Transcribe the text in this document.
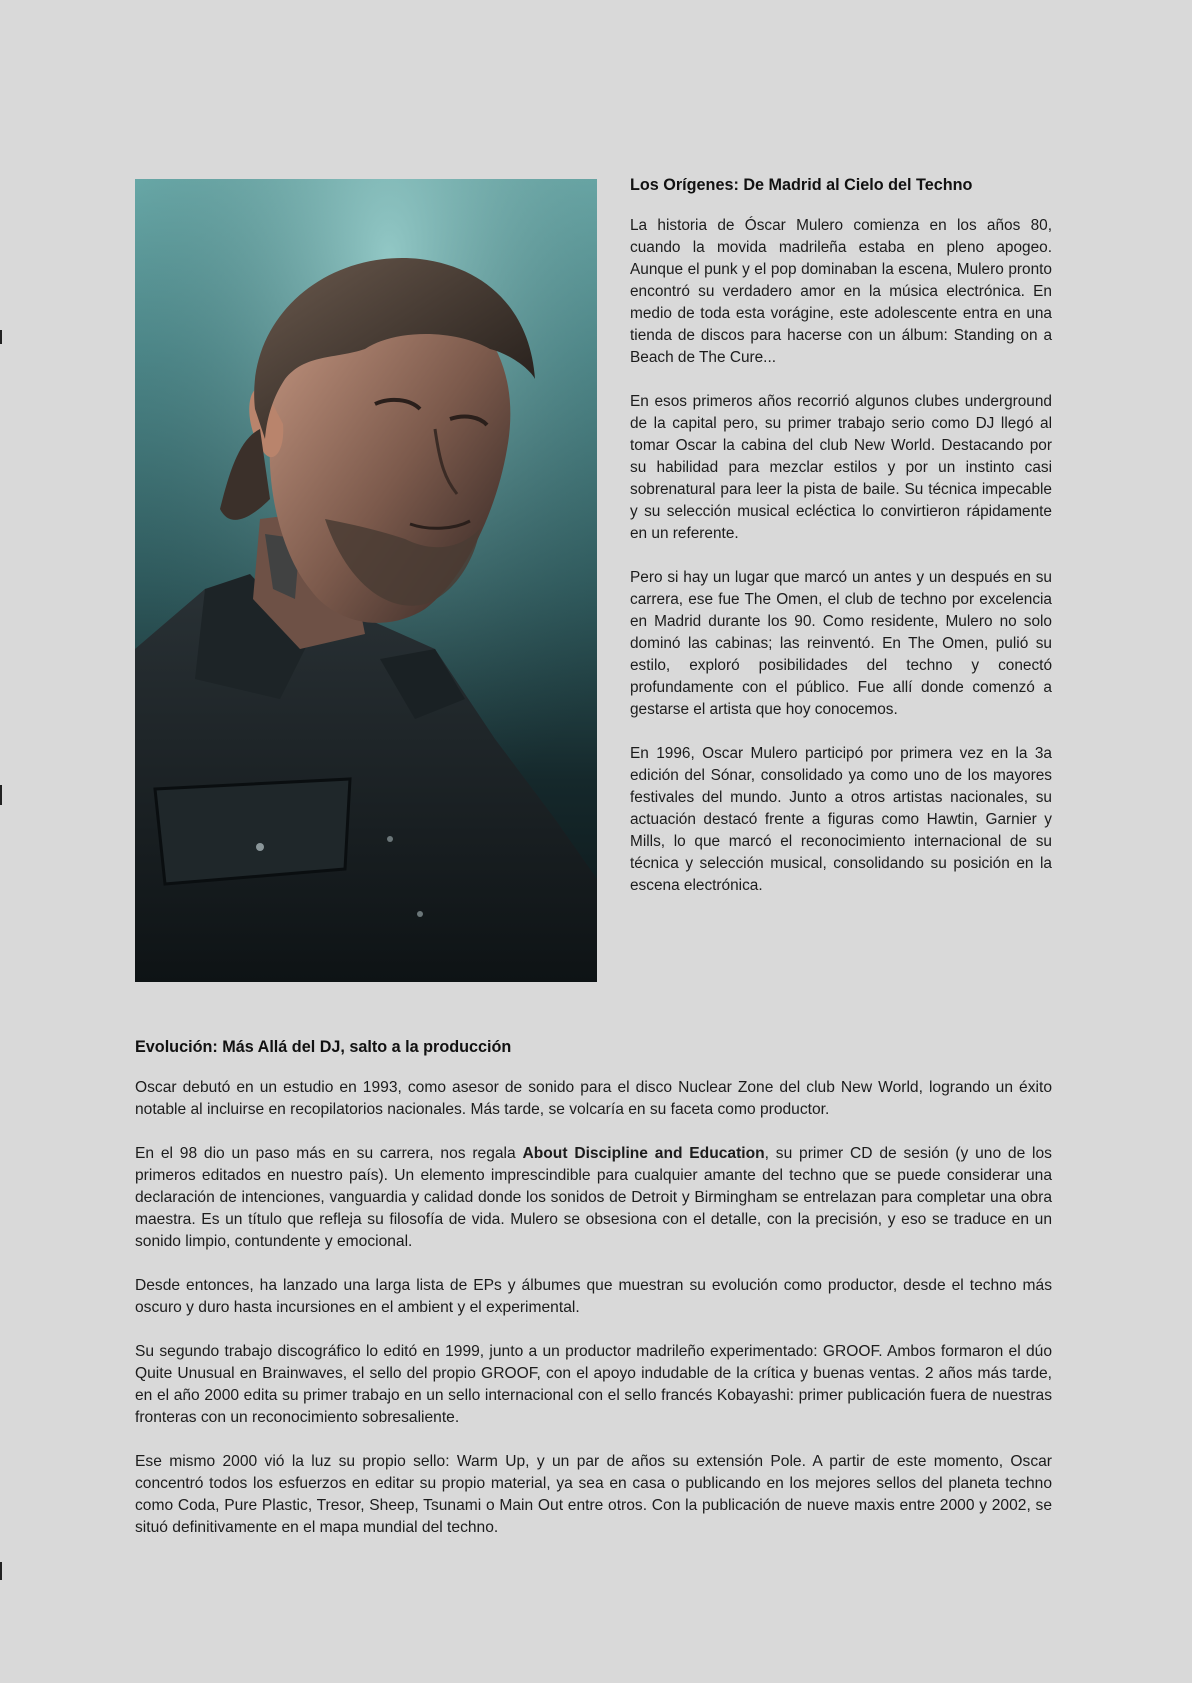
Los Orígenes: De Madrid al Cielo del Techno

La historia de Óscar Mulero comienza en los años 80, cuando la movida madrileña estaba en pleno apogeo. Aunque el punk y el pop dominaban la escena, Mulero pronto encontró su verdadero amor en la música electrónica. En medio de toda esta vorágine, este adolescente entra en una tienda de discos para hacerse con un álbum: Standing on a Beach de The Cure...

En esos primeros años recorrió algunos clubes underground de la capital pero, su primer trabajo serio como DJ llegó al tomar Oscar la cabina del club New World. Destacando por su habilidad para mezclar estilos y por un instinto casi sobrenatural para leer la pista de baile. Su técnica impecable y su selección musical ecléctica lo convirtieron rápidamente en un referente.

Pero si hay un lugar que marcó un antes y un después en su carrera, ese fue The Omen, el club de techno por excelencia en Madrid durante los 90. Como residente, Mulero no solo dominó las cabinas; las reinventó. En The Omen, pulió su estilo, exploró posibilidades del techno y conectó profundamente con el público. Fue allí donde comenzó a gestarse el artista que hoy conocemos.

En 1996, Oscar Mulero participó por primera vez en la 3a edición del Sónar, consolidado ya como uno de los mayores festivales del mundo. Junto a otros artistas nacionales, su actuación destacó frente a figuras como Hawtin, Garnier y Mills, lo que marcó el reconocimiento internacional de su técnica y selección musical, consolidando su posición en la escena electrónica.

Evolución: Más Allá del DJ, salto a la producción

Oscar debutó en un estudio en 1993, como asesor de sonido para el disco Nuclear Zone del club New World, logrando un éxito notable al incluirse en recopilatorios nacionales. Más tarde, se volcaría en su faceta como productor.

En el 98 dio un paso más en su carrera, nos regala About Discipline and Education, su primer CD de sesión (y uno de los primeros editados en nuestro país). Un elemento imprescindible para cualquier amante del techno que se puede considerar una declaración de intenciones, vanguardia y calidad donde los sonidos de Detroit y Birmingham se entrelazan para completar una obra maestra. Es un título que refleja su filosofía de vida. Mulero se obsesiona con el detalle, con la precisión, y eso se traduce en un sonido limpio, contundente y emocional.

Desde entonces, ha lanzado una larga lista de EPs y álbumes que muestran su evolución como productor, desde el techno más oscuro y duro hasta incursiones en el ambient y el experimental.

Su segundo trabajo discográfico lo editó en 1999, junto a un productor madrileño experimentado: GROOF. Ambos formaron el dúo Quite Unusual en Brainwaves, el sello del propio GROOF, con el apoyo indudable de la crítica y buenas ventas. 2 años más tarde, en el año 2000 edita su primer trabajo en un sello internacional con el sello francés Kobayashi: primer publicación fuera de nuestras fronteras con un reconocimiento sobresaliente.

Ese mismo 2000 vió la luz su propio sello: Warm Up, y un par de años su extensión Pole. A partir de este momento, Oscar concentró todos los esfuerzos en editar su propio material, ya sea en casa o publicando en los mejores sellos del planeta techno como Coda, Pure Plastic, Tresor, Sheep, Tsunami o Main Out entre otros. Con la publicación de nueve maxis entre 2000 y 2002, se situó definitivamente en el mapa mundial del techno.
